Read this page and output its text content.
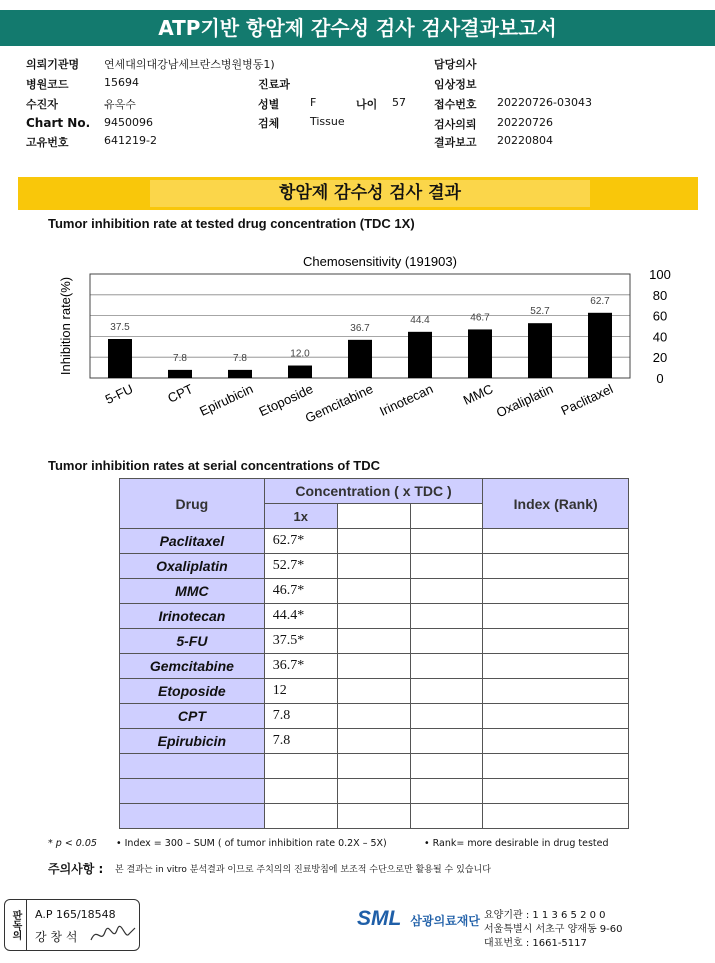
ATP기반 항암제 감수성 검사 검사결과보고서
의뢰기관명 연세대의대강남세브란스병원병동1)
병원코드	15694
수진자	유옥수
Chart No. 9450096
고유번호	641219-2
진료과
성별	F	나이 57
검체	Tissue
담당의사
임상정보
접수번호 20220726-03043
검사의뢰 20220726
결과보고 20220804
항암제 감수성 검사 결과
Tumor inhibition rate at tested drug concentration (TDC 1X)
Chemosensitivity (191903)
Inhibition rate(%)
0
20
40
60
80
100
37.5
5-FU
7.8
CPT
7.8
Epirubicin
12.0
Etoposide
36.7
Gemcitabine
44.4
Irinotecan
46.7
MMC
52.7
Oxaliplatin
62.7
Paclitaxel
Tumor inhibition rates at serial concentrations of TDC
Drug	Concentration ( x TDC )			Index (Rank)
	1x			
Paclitaxel	62.7*			
Oxaliplatin	52.7*			
MMC	46.7*			
Irinotecan	44.4*			
5-FU	37.5*			
Gemcitabine	36.7*			
Etoposide	12			
CPT	7.8			
Epirubicin	7.8			

* p < 0.05 • Index = 300 – SUM ( of tumor inhibition rate 0.2X – 5X)	• Rank= more desirable in drug tested
주의사항 : 본 결과는 in vitro 분석결과 이므로 주치의의 진료방침에 보조적 수단으로만 활용될 수 있습니다
판독의	A.P 165/18548
강 창 석
SML 삼광의료재단 요양기관 : 1 1 3 6 5 2 0 0
서울특별시 서초구 양재동 9-60
대표번호 : 1661-5117
